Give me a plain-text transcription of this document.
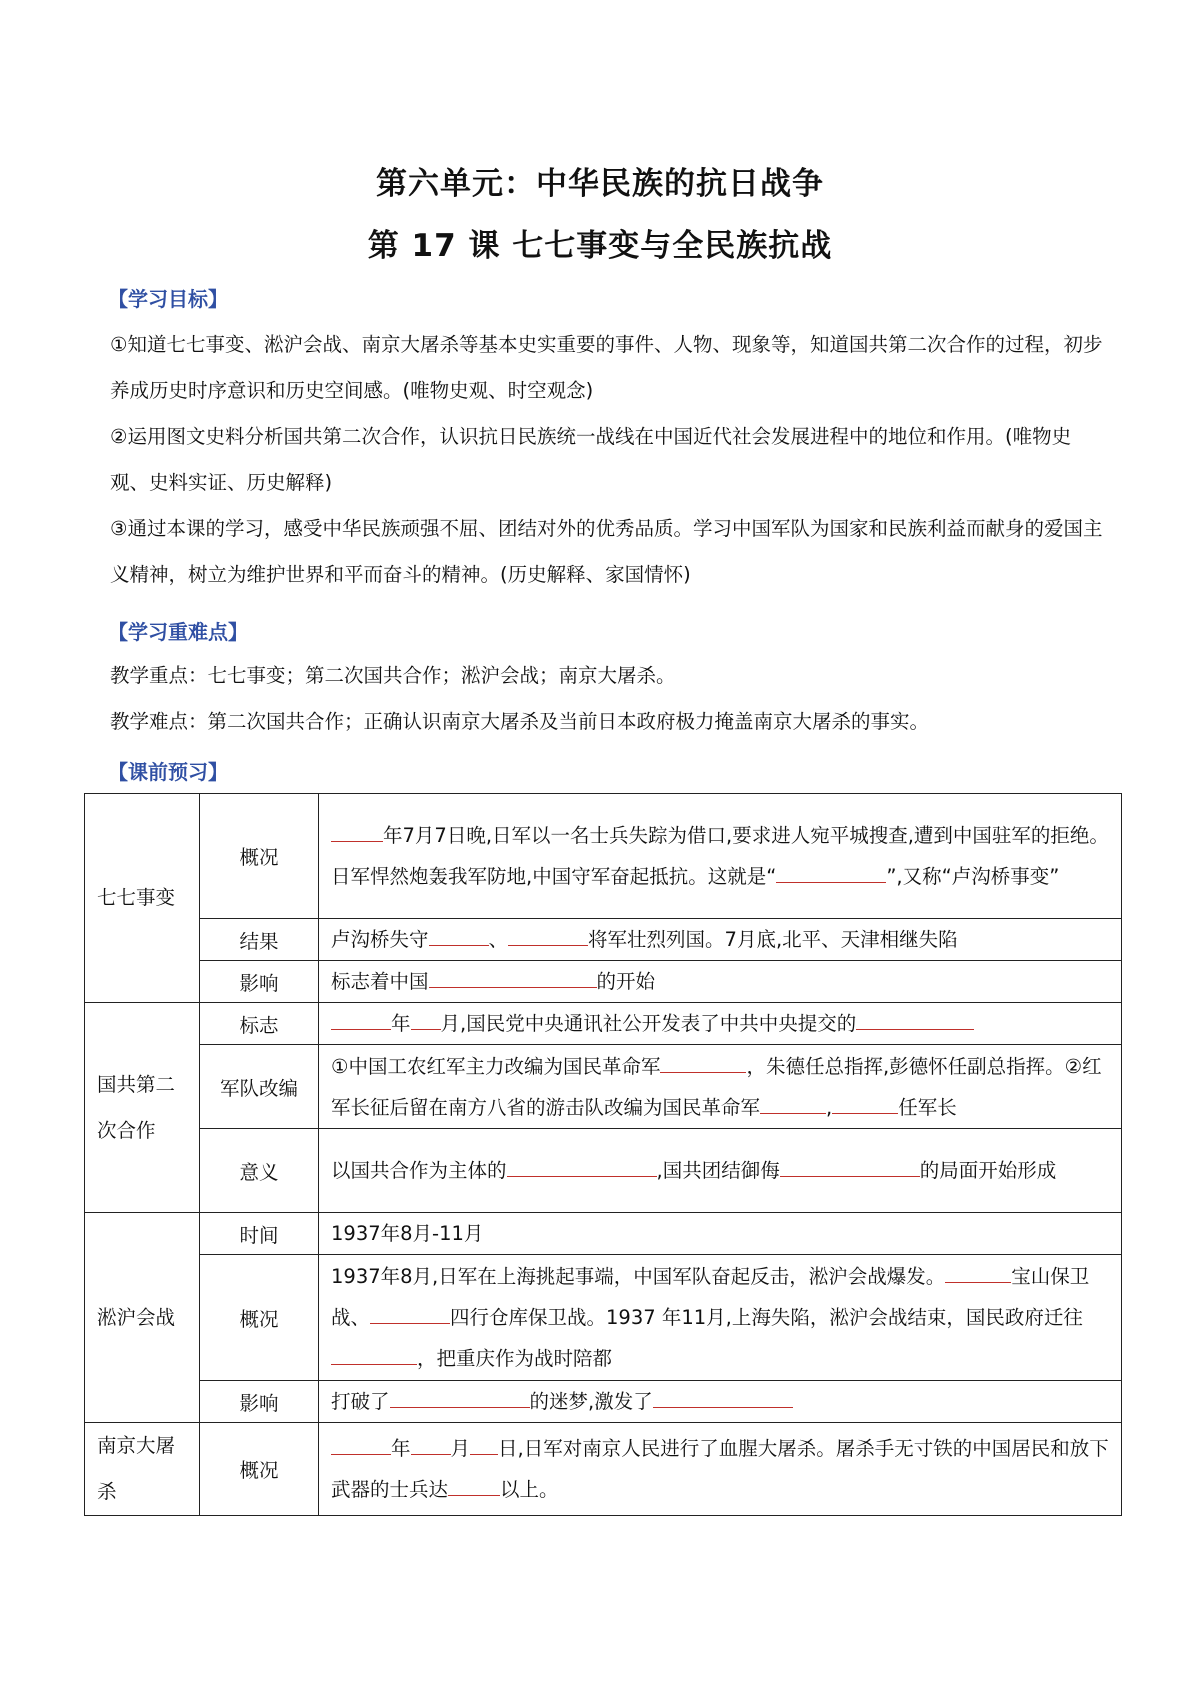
第六单元：中华民族的抗日战争
第 17 课 七七事变与全民族抗战
【学习目标】

①知道七七事变、淞沪会战、南京大屠杀等基本史实重要的事件、人物、现象等，知道国共第二次合作的过程，初步养成历史时序意识和历史空间感。(唯物史观、时空观念)

②运用图文史料分析国共第二次合作，认识抗日民族统一战线在中国近代社会发展进程中的地位和作用。(唯物史观、史料实证、历史解释)

③通过本课的学习，感受中华民族顽强不屈、团结对外的优秀品质。学习中国军队为国家和民族利益而献身的爱国主义精神，树立为维护世界和平而奋斗的精神。(历史解释、家国情怀)

【学习重难点】

教学重点：七七事变；第二次国共合作；淞沪会战；南京大屠杀。

教学难点：第二次国共合作；正确认识南京大屠杀及当前日本政府极力掩盖南京大屠杀的事实。

【课前预习】
七七事变	概况	年7月7日晚,日军以一名士兵失踪为借口,要求进人宛平城搜查,遭到中国驻军的拒绝。日军悍然炮轰我军防地,中国守军奋起抵抗。这就是“ ”,又称“卢沟桥事变”
	结果	卢沟桥失守 、 将军壮烈列国。7月底,北平、天津相继失陷
	影响	标志着中国 的开始
国共第二次合作	标志	年 月,国民党中央通讯社公开发表了中共中央提交的
	军队改编	①中国工农红军主力改编为国民革命军 ，朱德任总指挥,彭德怀任副总指挥。②红军长征后留在南方八省的游击队改编为国民革命军 , 任军长
	意义	以国共合作为主体的 ,国共团结御侮 的局面开始形成
淞沪会战	时间	1937年8月-11月
	概况	1937年8月,日军在上海挑起事端，中国军队奋起反击，淞沪会战爆发。 宝山保卫战、 四行仓库保卫战。1937 年11月,上海失陷，淞沪会战结束，国民政府迁往，把重庆作为战时陪都
	影响	打破了 的迷梦,激发了
南京大屠杀	概况	年 月 日,日军对南京人民进行了血腥大屠杀。屠杀手无寸铁的中国居民和放下武器的士兵达 以上。
